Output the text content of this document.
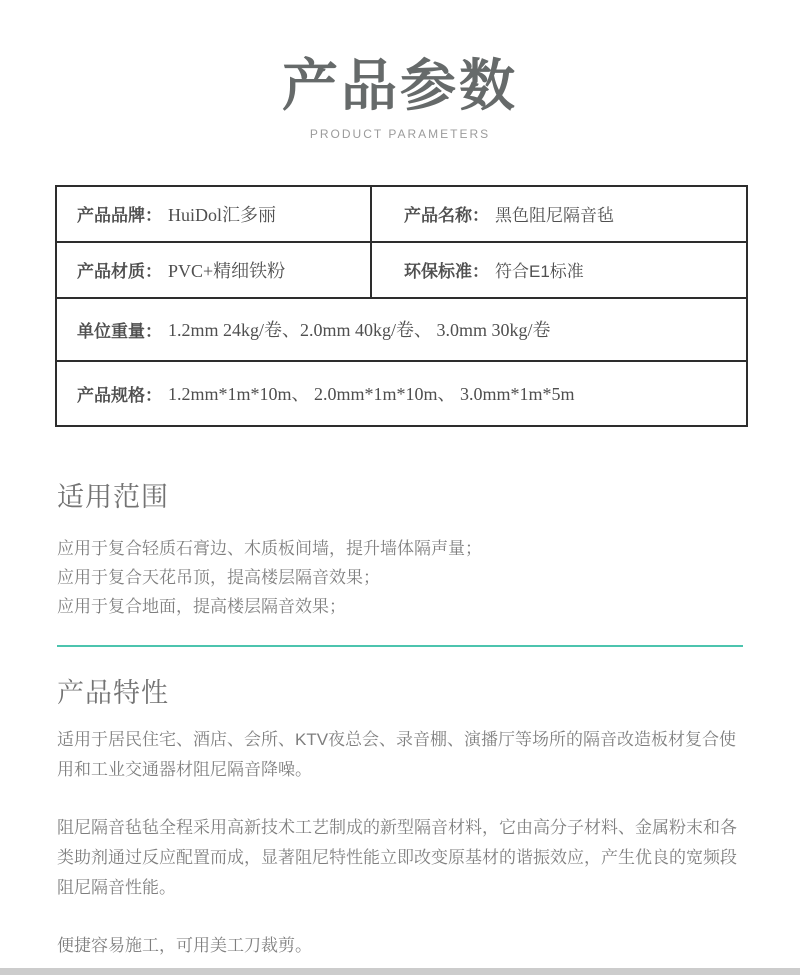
产品参数
PRODUCT PARAMETERS
产品品牌： HuiDol汇多丽	产品名称： 黑色阻尼隔音毡
产品材质： PVC+精细铁粉	环保标准： 符合E1标准
单位重量： 1.2mm 24kg/卷、2.0mm 40kg/卷、 3.0mm 30kg/卷
产品规格： 1.2mm*1m*10m、 2.0mm*1m*10m、 3.0mm*1m*5m
适用范围
应用于复合轻质石膏边、木质板间墙，提升墙体隔声量；
应用于复合天花吊顶，提高楼层隔音效果；
应用于复合地面，提高楼层隔音效果；
产品特性

适用于居民住宅、酒店、会所、KTV夜总会、录音棚、演播厅等场所的隔音改造板材复合使用和工业交通器材阻尼隔音降噪。

阻尼隔音毡毡全程采用高新技术工艺制成的新型隔音材料，它由高分子材料、金属粉末和各类助剂通过反应配置而成，显著阻尼特性能立即改变原基材的谐振效应，产生优良的宽频段阻尼隔音性能。

便捷容易施工，可用美工刀裁剪。
